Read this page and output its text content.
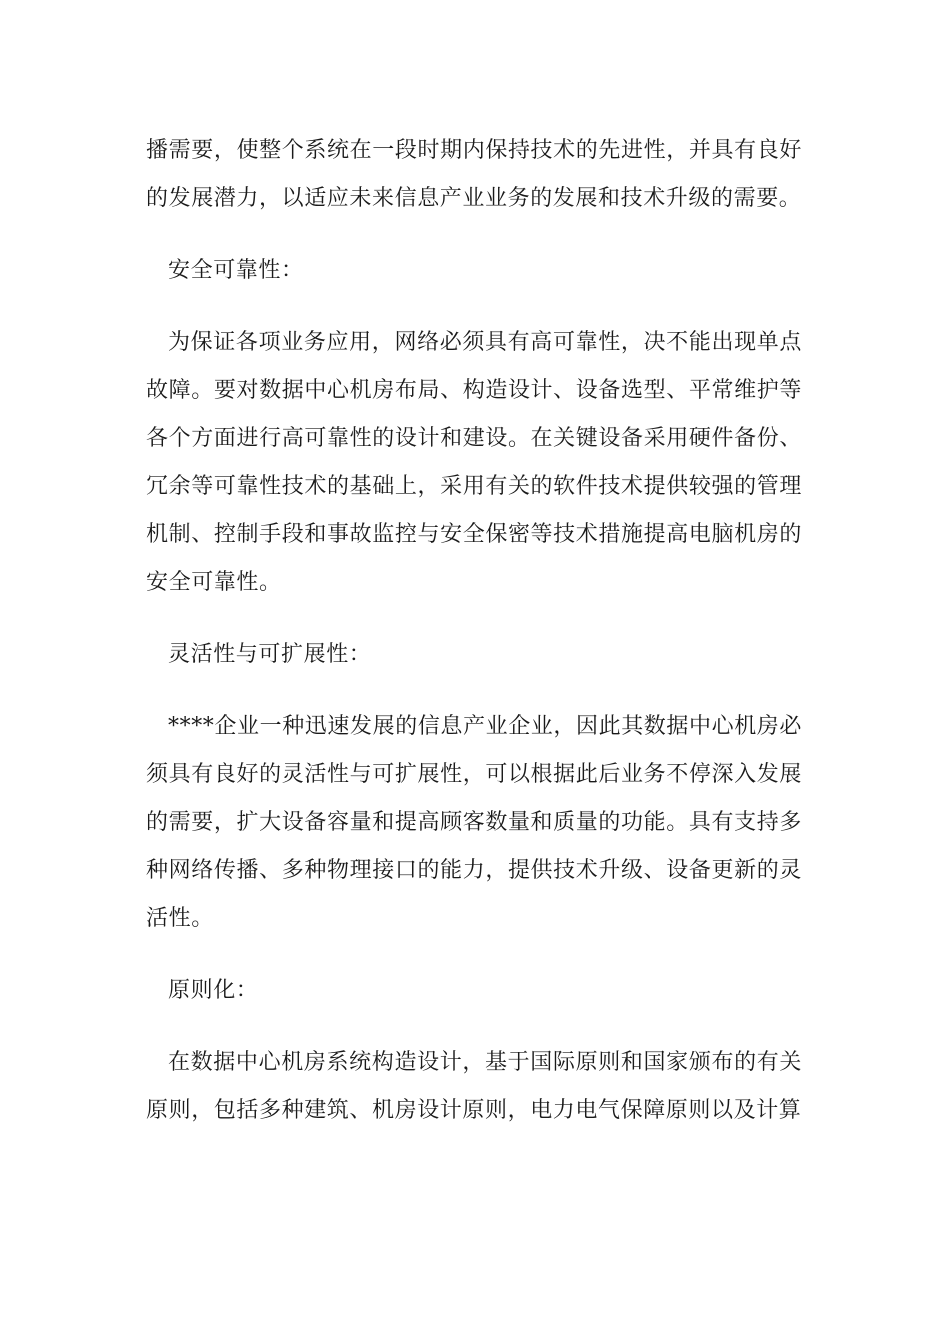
播需要，使整个系统在一段时期内保持技术的先进性，并具有良好的发展潜力，以适应未来信息产业业务的发展和技术升级的需要。

安全可靠性：

为保证各项业务应用，网络必须具有高可靠性，决不能出现单点故障。要对数据中心机房布局、构造设计、设备选型、平常维护等各个方面进行高可靠性的设计和建设。在关键设备采用硬件备份、冗余等可靠性技术的基础上，采用有关的软件技术提供较强的管理机制、控制手段和事故监控与安全保密等技术措施提高电脑机房的安全可靠性。

灵活性与可扩展性：

****企业一种迅速发展的信息产业企业，因此其数据中心机房必须具有良好的灵活性与可扩展性，可以根据此后业务不停深入发展的需要，扩大设备容量和提高顾客数量和质量的功能。具有支持多种网络传播、多种物理接口的能力，提供技术升级、设备更新的灵活性。

原则化：

在数据中心机房系统构造设计，基于国际原则和国家颁布的有关原则，包括多种建筑、机房设计原则，电力电气保障原则以及计算
